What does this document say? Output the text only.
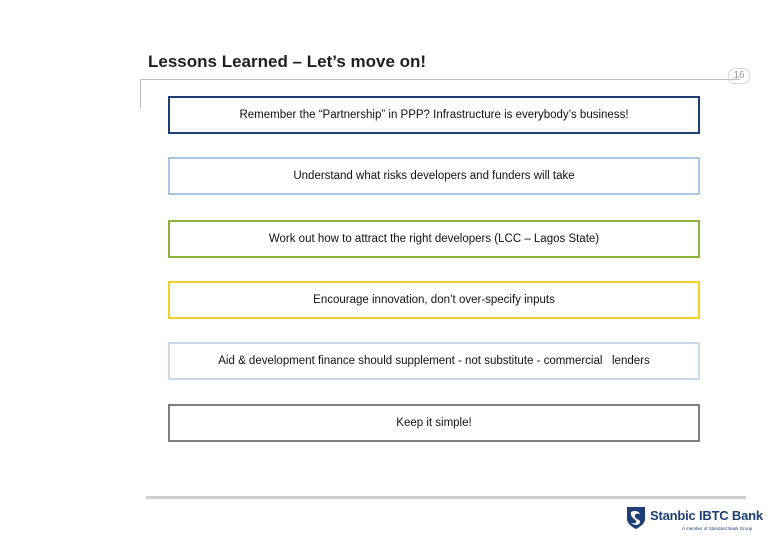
Lessons Learned – Let’s move on!
16
Remember the “Partnership” in PPP? Infrastructure is everybody’s business!
Understand what risks developers and funders will take
Work out how to attract the right developers (LCC – Lagos State)
Encourage innovation, don’t over-specify inputs
Aid & development finance should supplement - not substitute - commercial   lenders
Keep it simple!
Stanbic IBTC Bank
A member of Standard Bank Group
